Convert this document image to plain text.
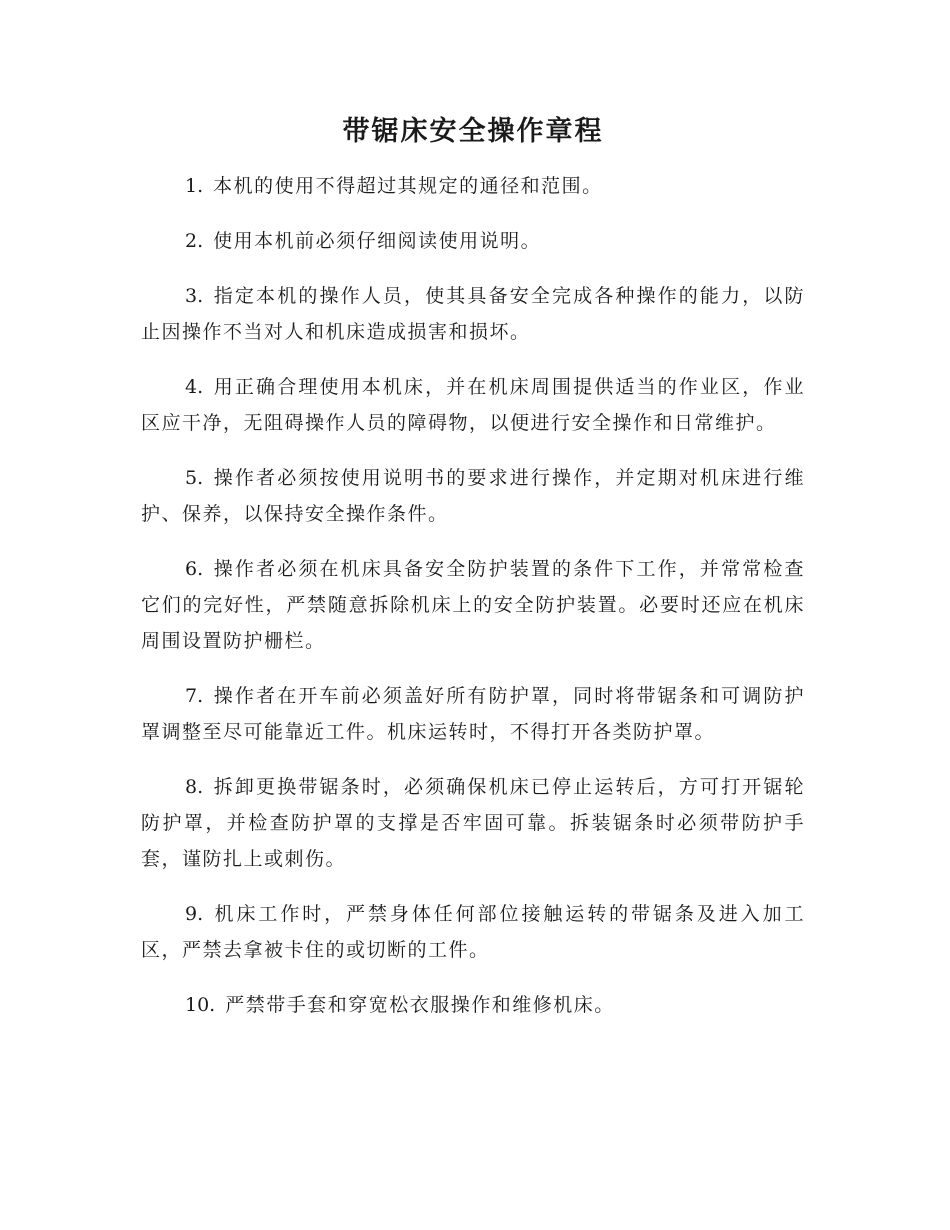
带锯床安全操作章程

1. 本机的使用不得超过其规定的通径和范围。

2. 使用本机前必须仔细阅读使用说明。

3. 指定本机的操作人员，使其具备安全完成各种操作的能力，以防止因操作不当对人和机床造成损害和损坏。

4. 用正确合理使用本机床，并在机床周围提供适当的作业区，作业区应干净，无阻碍操作人员的障碍物，以便进行安全操作和日常维护。

5. 操作者必须按使用说明书的要求进行操作，并定期对机床进行维护、保养，以保持安全操作条件。

6. 操作者必须在机床具备安全防护装置的条件下工作，并常常检查它们的完好性，严禁随意拆除机床上的安全防护装置。必要时还应在机床周围设置防护栅栏。

7. 操作者在开车前必须盖好所有防护罩，同时将带锯条和可调防护罩调整至尽可能靠近工件。机床运转时，不得打开各类防护罩。

8. 拆卸更换带锯条时，必须确保机床已停止运转后，方可打开锯轮防护罩，并检查防护罩的支撑是否牢固可靠。拆装锯条时必须带防护手套，谨防扎上或刺伤。

9. 机床工作时，严禁身体任何部位接触运转的带锯条及进入加工区，严禁去拿被卡住的或切断的工件。

10. 严禁带手套和穿宽松衣服操作和维修机床。
